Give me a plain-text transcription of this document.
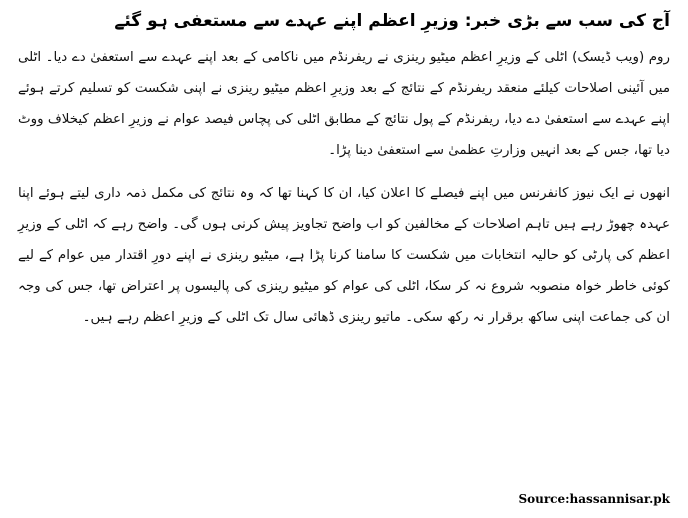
آج کی سب سے بڑی خبر: وزیرِ اعظم اپنے عہدے سے مستعفی ہو گئے

روم (ویب ڈیسک) اٹلی کے وزیرِ اعظم میٹیو رینزی نے ریفرنڈم میں ناکامی کے بعد اپنے عہدے سے استعفیٰ دے دیا۔ اٹلی میں آئینی اصلاحات کیلئے منعقد ریفرنڈم کے نتائج کے بعد وزیرِ اعظم میٹیو رینزی نے اپنی شکست کو تسلیم کرتے ہوئے اپنے عہدے سے استعفیٰ دے دیا، ریفرنڈم کے پول نتائج کے مطابق اٹلی کی پچاس فیصد عوام نے وزیرِ اعظم کیخلاف ووٹ دیا تھا، جس کے بعد انہیں وزارتِ عظمیٰ سے استعفیٰ دینا پڑا۔

انھوں نے ایک نیوز کانفرنس میں اپنے فیصلے کا اعلان کیا، ان کا کہنا تھا کہ وہ نتائج کی مکمل ذمہ داری لیتے ہوئے اپنا عہدہ چھوڑ رہے ہیں تاہم اصلاحات کے مخالفین کو اب واضح تجاویز پیش کرنی ہوں گی۔ واضح رہے کہ اٹلی کے وزیرِ اعظم کی پارٹی کو حالیہ انتخابات میں شکست کا سامنا کرنا پڑا ہے، میٹیو رینزی نے اپنے دورِ اقتدار میں عوام کے لیے کوئی خاطر خواہ منصوبہ شروع نہ کر سکا، اٹلی کی عوام کو میٹیو رینزی کی پالیسوں پر اعتراض تھا، جس کی وجہ ان کی جماعت اپنی ساکھ برقرار نہ رکھ سکی۔ ماتیو رینزی ڈھائی سال تک اٹلی کے وزیرِ اعظم رہے ہیں۔

Source:hassannisar.pk
